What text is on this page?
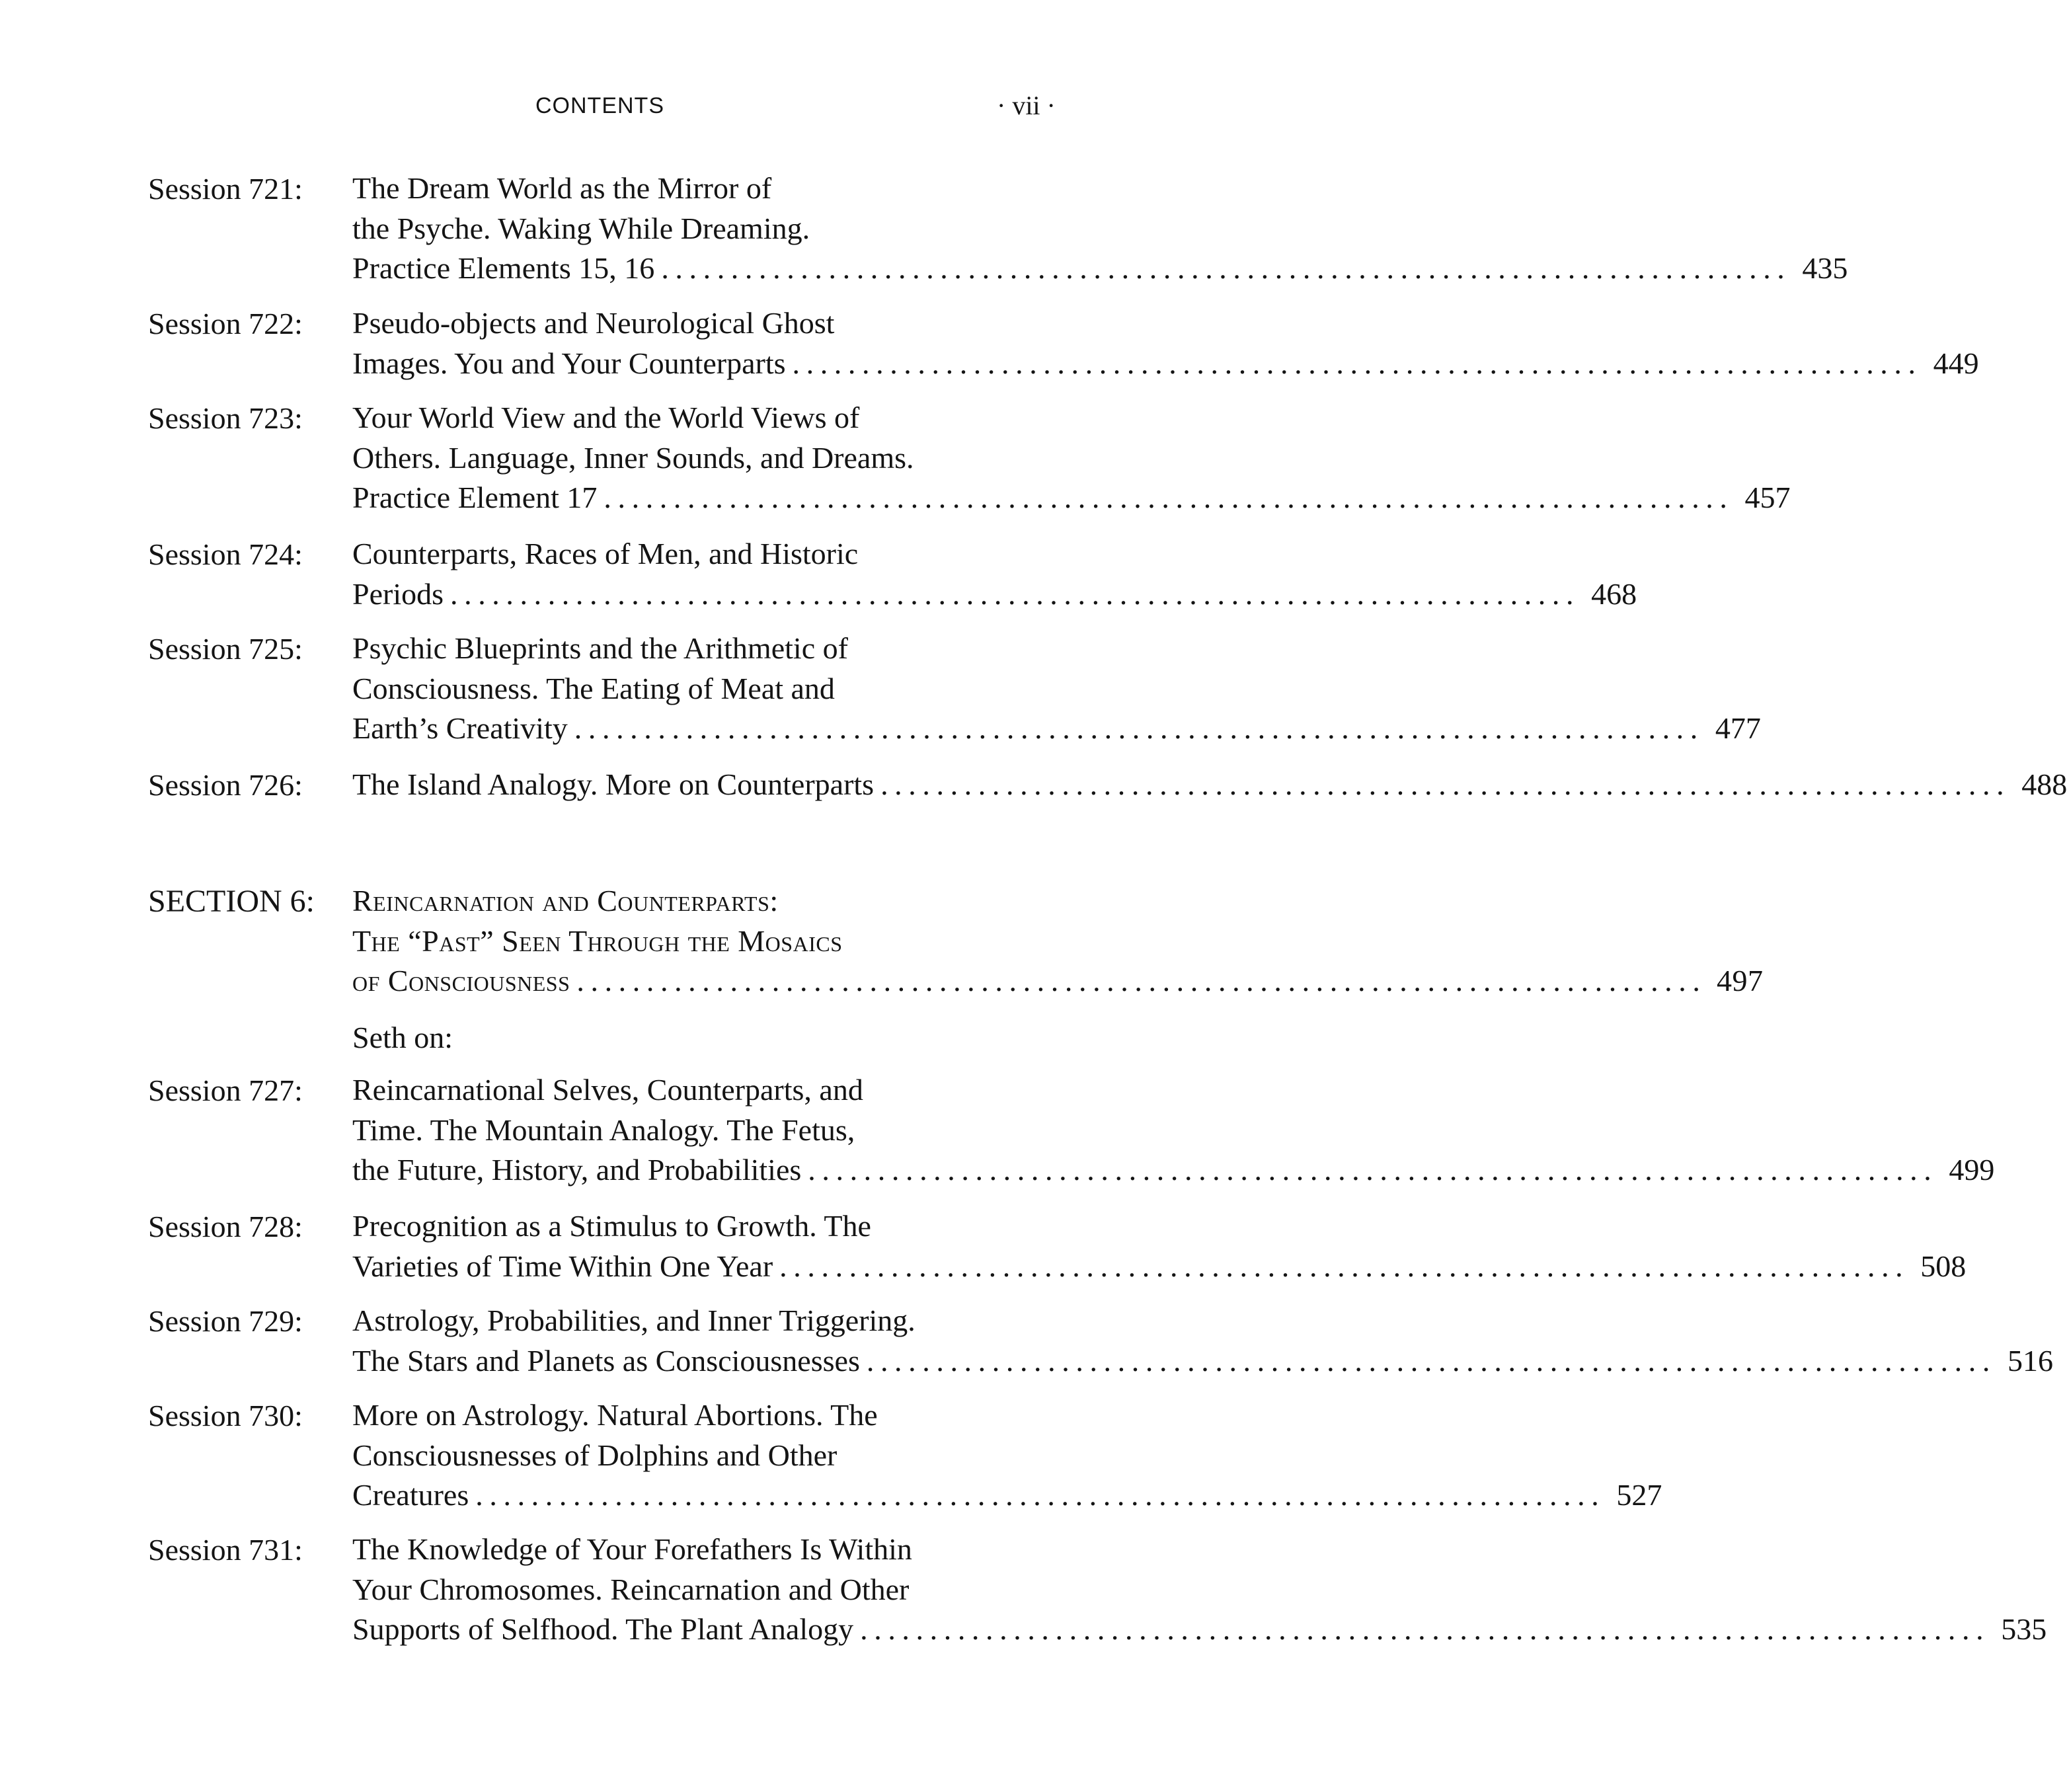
CONTENTS	· vii ·
Session 721: The Dream World as the Mirror of
the Psyche. Waking While Dreaming.
Practice Elements 15, 16 ................................................................................. 435
Session 722: Pseudo-objects and Neurological Ghost
Images. You and Your Counterparts ................................................................................. 449
Session 723: Your World View and the World Views of
Others. Language, Inner Sounds, and Dreams.
Practice Element 17 ................................................................................. 457
Session 724: Counterparts, Races of Men, and Historic
Periods ................................................................................. 468
Session 725: Psychic Blueprints and the Arithmetic of
Consciousness. The Eating of Meat and
Earth’s Creativity ................................................................................. 477
Session 726: The Island Analogy. More on Counterparts ................................................................................. 488
SECTION 6: Reincarnation and Counterparts:
The “Past” Seen Through the Mosaics
of Consciousness ................................................................................. 497
Seth on:
Session 727: Reincarnational Selves, Counterparts, and
Time. The Mountain Analogy. The Fetus,
the Future, History, and Probabilities ................................................................................. 499
Session 728: Precognition as a Stimulus to Growth. The
Varieties of Time Within One Year ................................................................................. 508
Session 729: Astrology, Probabilities, and Inner Triggering.
The Stars and Planets as Consciousnesses ................................................................................. 516
Session 730: More on Astrology. Natural Abortions. The
Consciousnesses of Dolphins and Other
Creatures ................................................................................. 527
Session 731: The Knowledge of Your Forefathers Is Within
Your Chromosomes. Reincarnation and Other
Supports of Selfhood. The Plant Analogy ................................................................................. 535
